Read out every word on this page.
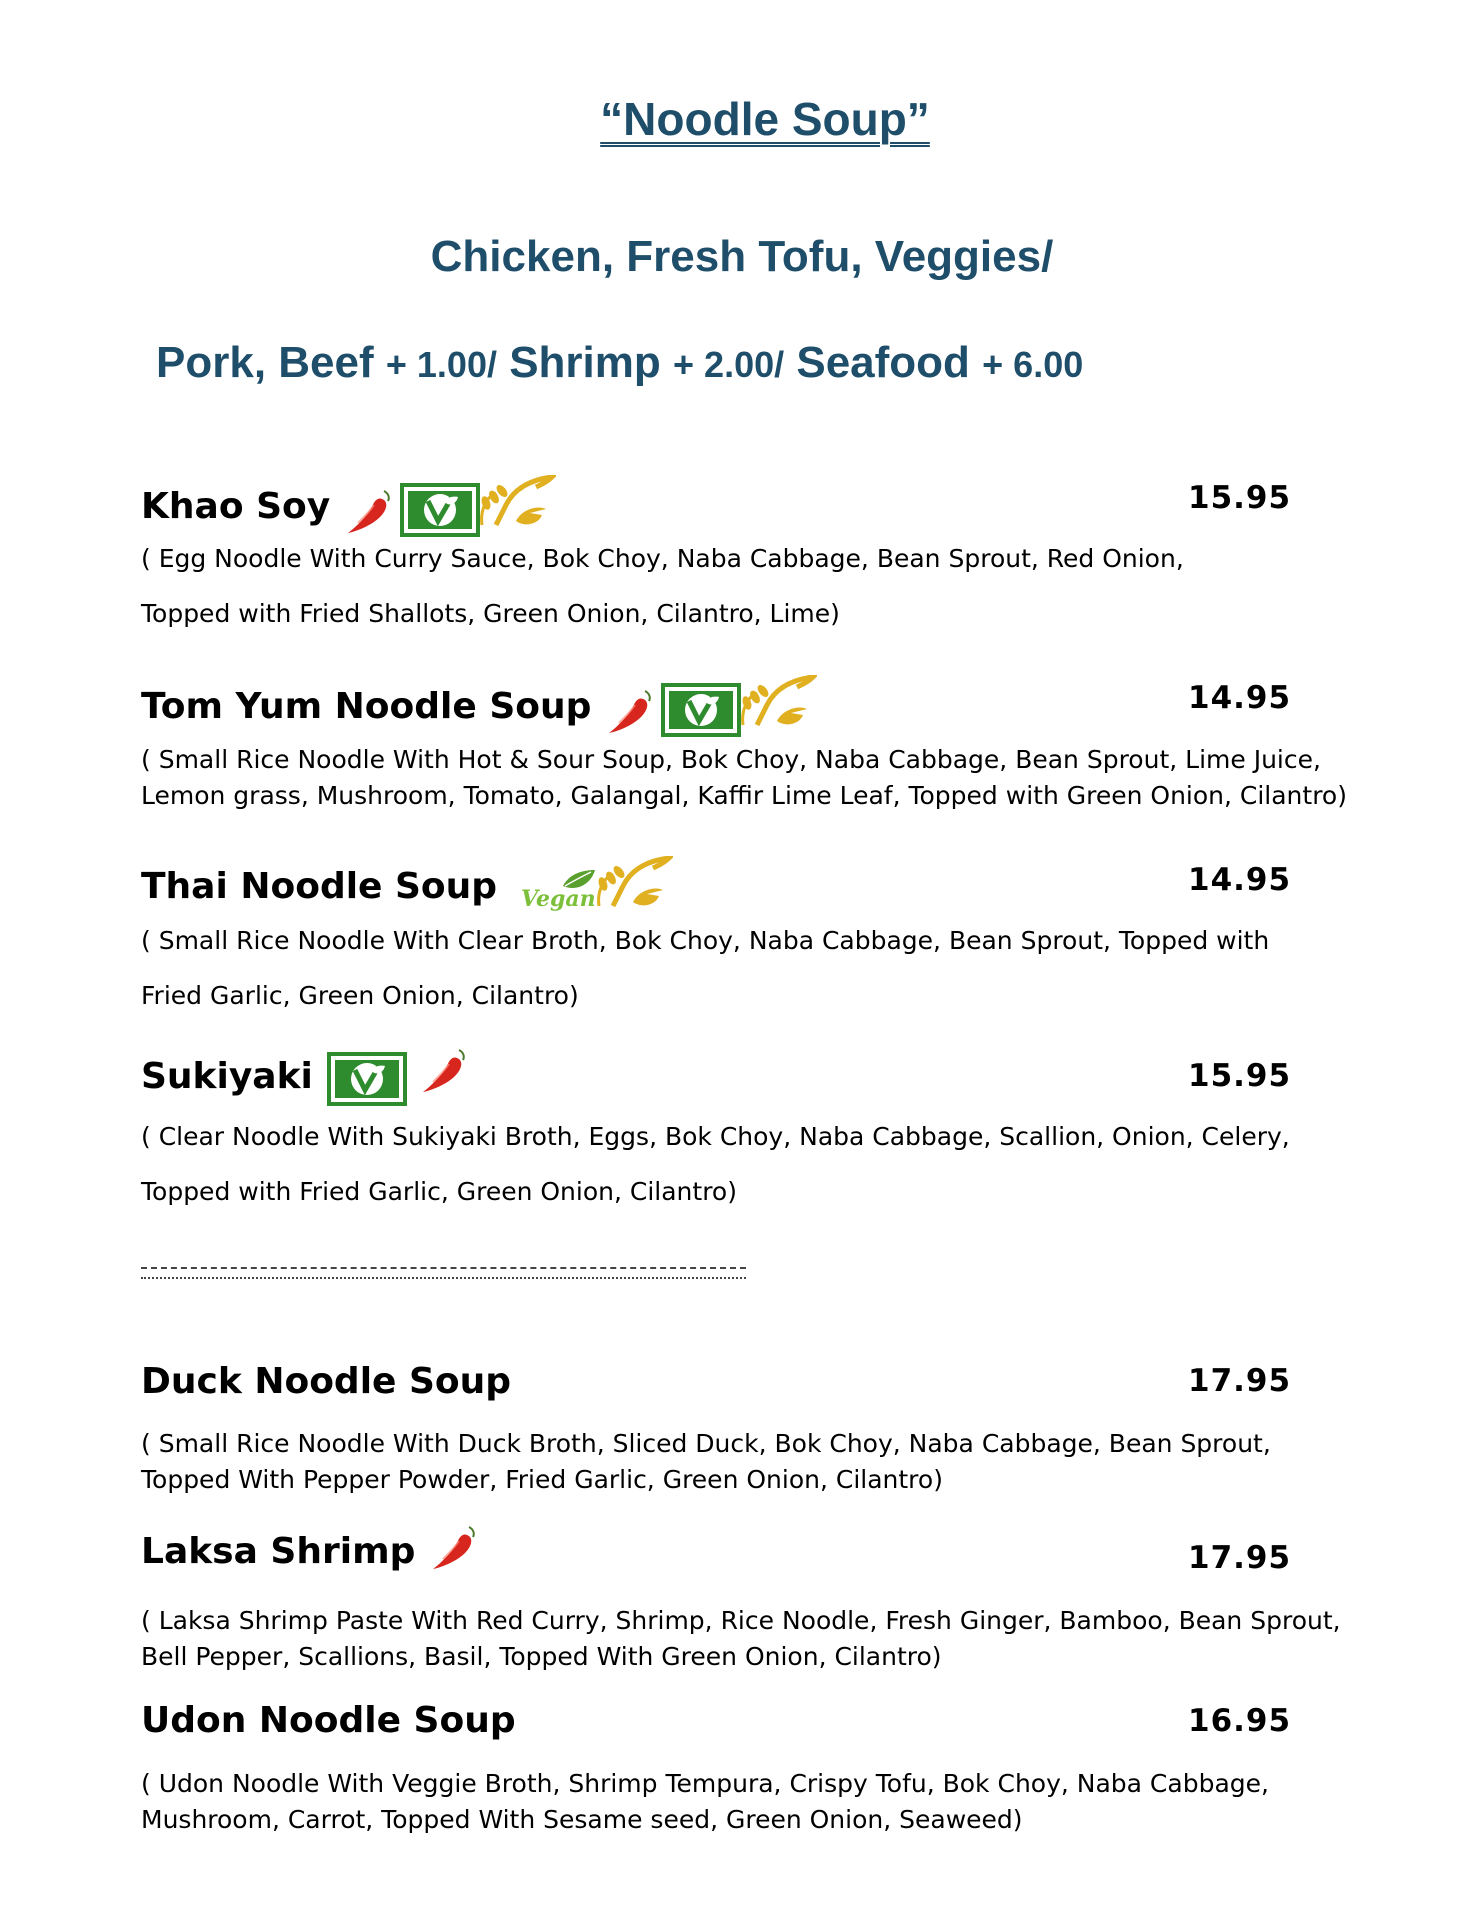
“Noodle Soup”
Chicken, Fresh Tofu, Veggies/
Pork, Beef + 1.00/ Shrimp + 2.00/ Seafood + 6.00
Khao Soy	15.95
( Egg Noodle With Curry Sauce, Bok Choy, Naba Cabbage, Bean Sprout, Red Onion,
Topped with Fried Shallots, Green Onion, Cilantro, Lime)
Tom Yum Noodle Soup	14.95
( Small Rice Noodle With Hot & Sour Soup, Bok Choy, Naba Cabbage, Bean Sprout, Lime Juice,
Lemon grass, Mushroom, Tomato, Galangal, Kaffir Lime Leaf, Topped with Green Onion, Cilantro)
Thai Noodle Soup	14.95
( Small Rice Noodle With Clear Broth, Bok Choy, Naba Cabbage, Bean Sprout, Topped with
Fried Garlic, Green Onion, Cilantro)
Sukiyaki	15.95
( Clear Noodle With Sukiyaki Broth, Eggs, Bok Choy, Naba Cabbage, Scallion, Onion, Celery,
Topped with Fried Garlic, Green Onion, Cilantro)
Duck Noodle Soup	17.95
( Small Rice Noodle With Duck Broth, Sliced Duck, Bok Choy, Naba Cabbage, Bean Sprout,
Topped With Pepper Powder, Fried Garlic, Green Onion, Cilantro)
Laksa Shrimp	17.95
( Laksa Shrimp Paste With Red Curry, Shrimp, Rice Noodle, Fresh Ginger, Bamboo, Bean Sprout,
Bell Pepper, Scallions, Basil, Topped With Green Onion, Cilantro)
Udon Noodle Soup	16.95
( Udon Noodle With Veggie Broth, Shrimp Tempura, Crispy Tofu, Bok Choy, Naba Cabbage,
Mushroom, Carrot, Topped With Sesame seed, Green Onion, Seaweed)
